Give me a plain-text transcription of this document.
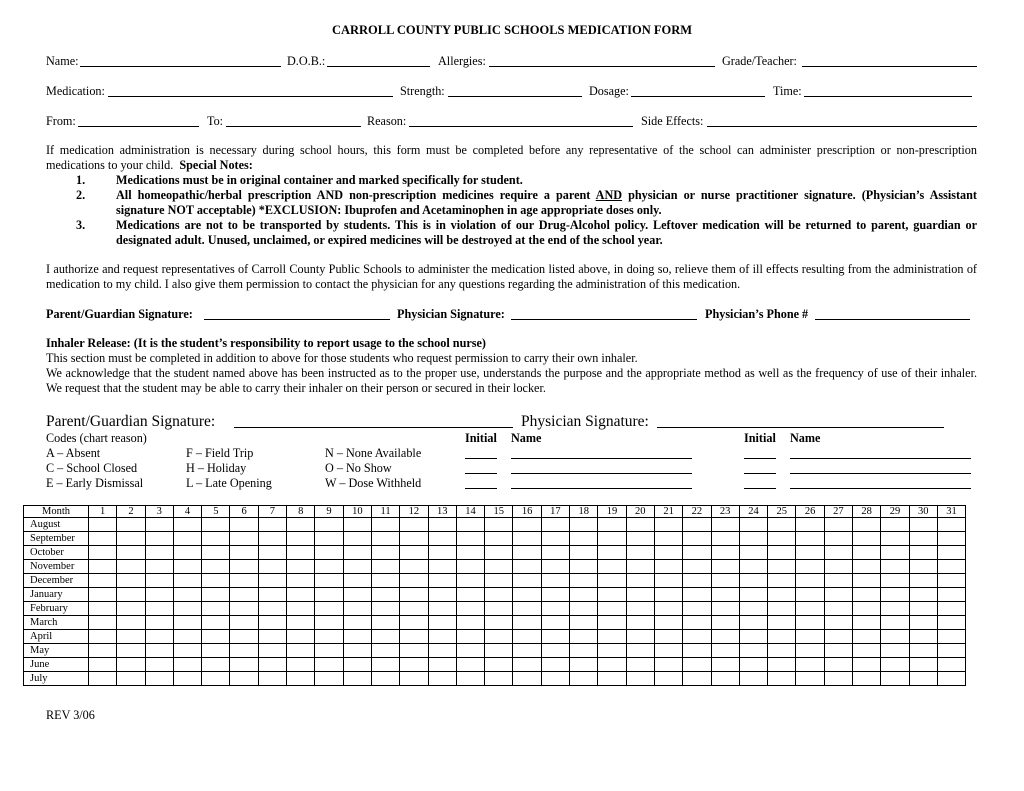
CARROLL COUNTY PUBLIC SCHOOLS MEDICATION FORM
Name:	D.O.B.:	Allergies:	Grade/Teacher:
Medication:	Strength:	Dosage:	Time:
From:	To:	Reason:	Side Effects:
If medication administration is necessary during school hours, this form must be completed before any representative of the school can administer prescription or non-prescription medications to your child. Special Notes:
1.	Medications must be in original container and marked specifically for student.
2.	All homeopathic/herbal prescription AND non-prescription medicines require a parent AND physician or nurse practitioner signature. (Physician’s Assistant signature NOT acceptable) *EXCLUSION: Ibuprofen and Acetaminophen in age appropriate doses only.
3.	Medications are not to be transported by students. This is in violation of our Drug-Alcohol policy. Leftover medication will be returned to parent, guardian or designated adult. Unused, unclaimed, or expired medicines will be destroyed at the end of the school year.
I authorize and request representatives of Carroll County Public Schools to administer the medication listed above, in doing so, relieve them of ill effects resulting from the administration of medication to my child. I also give them permission to contact the physician for any questions regarding the administration of this medication.
Parent/Guardian Signature:	Physician Signature:	Physician’s Phone #
Inhaler Release: (It is the student’s responsibility to report usage to the school nurse)
This section must be completed in addition to above for those students who request permission to carry their own inhaler.
We acknowledge that the student named above has been instructed as to the proper use, understands the purpose and the appropriate method as well as the frequency of use of their inhaler. We request that the student may be able to carry their inhaler on their person or secured in their locker.
Parent/Guardian Signature:	Physician Signature:
Codes (chart reason)
A – Absent
C – School Closed
E – Early Dismissal
F – Field Trip
H – Holiday
L – Late Opening
N – None Available
O – No Show
W – Dose Withheld
Initial Name	Initial Name
Month	1	2	3	4	5	6	7	8	9	10	11	12	13	14	15	16	17	18	19	20	21	22	23	24	25	26	27	28	29	30	31
August																															
September																															
October																															
November																															
December																															
January																															
February																															
March																															
April																															
May																															
June																															
July																															
REV 3/06
